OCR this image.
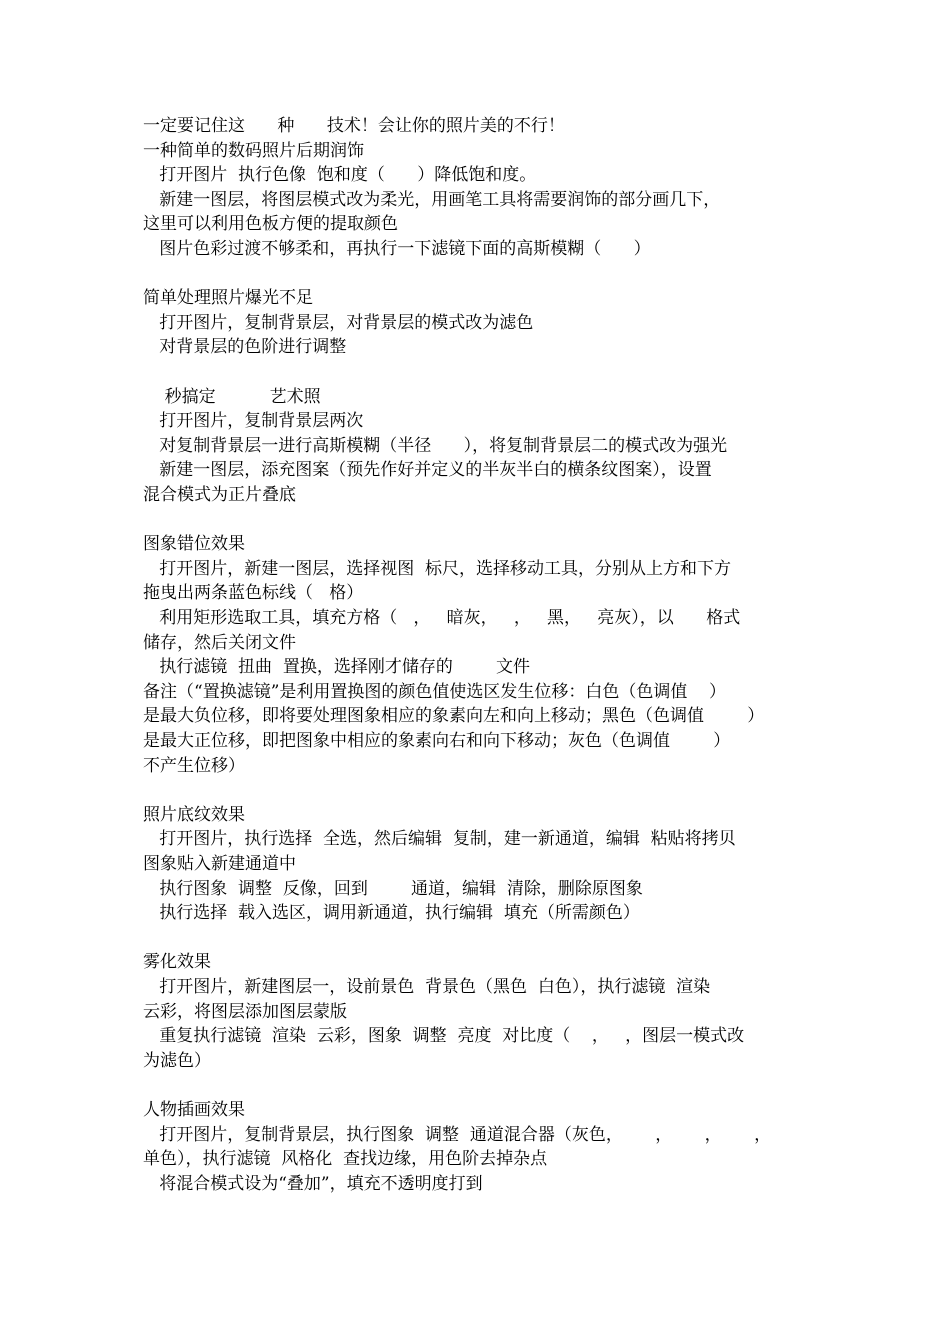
一定要记住这      种      技术！会让你的照片美的不行！
一种简单的数码照片后期润饰
打开图片  执行色像  饱和度（      ）降低饱和度。
新建一图层，将图层模式改为柔光，用画笔工具将需要润饰的部分画几下，
这里可以利用色板方便的提取颜色
图片色彩过渡不够柔和，再执行一下滤镜下面的高斯模糊（      ）
简单处理照片爆光不足
打开图片，复制背景层，对背景层的模式改为滤色
对背景层的色阶进行调整
秒搞定          艺术照
打开图片，复制背景层两次
对复制背景层一进行高斯模糊（半径      ），将复制背景层二的模式改为强光
新建一图层，添充图案（预先作好并定义的半灰半白的横条纹图案），设置
混合模式为正片叠底
图象错位效果
打开图片，新建一图层，选择视图  标尺，选择移动工具，分别从上方和下方
拖曳出两条蓝色标线（   格）
利用矩形选取工具，填充方格（   ，   暗灰，   ，   黑，   亮灰），以      格式
储存，然后关闭文件
执行滤镜  扭曲  置换，选择刚才储存的        文件
备注（“置换滤镜”是利用置换图的颜色值使选区发生位移：白色（色调值    ）
是最大负位移，即将要处理图象相应的象素向左和向上移动；黑色（色调值        ）
是最大正位移，即把图象中相应的象素向右和向下移动；灰色（色调值        ）
不产生位移）
照片底纹效果
打开图片，执行选择  全选，然后编辑  复制，建一新通道，编辑  粘贴将拷贝
图象贴入新建通道中
执行图象  调整  反像，回到        通道，编辑  清除，删除原图象
执行选择  载入选区，调用新通道，执行编辑  填充（所需颜色）
雾化效果
打开图片，新建图层一，设前景色  背景色（黑色  白色），执行滤镜  渲染
云彩，将图层添加图层蒙版
重复执行滤镜  渲染  云彩，图象  调整  亮度  对比度（    ，   ，图层一模式改
为滤色）
人物插画效果
打开图片，复制背景层，执行图象  调整  通道混合器（灰色，      ，      ，      ，
单色），执行滤镜  风格化  查找边缘，用色阶去掉杂点
将混合模式设为“叠加”，填充不透明度打到
